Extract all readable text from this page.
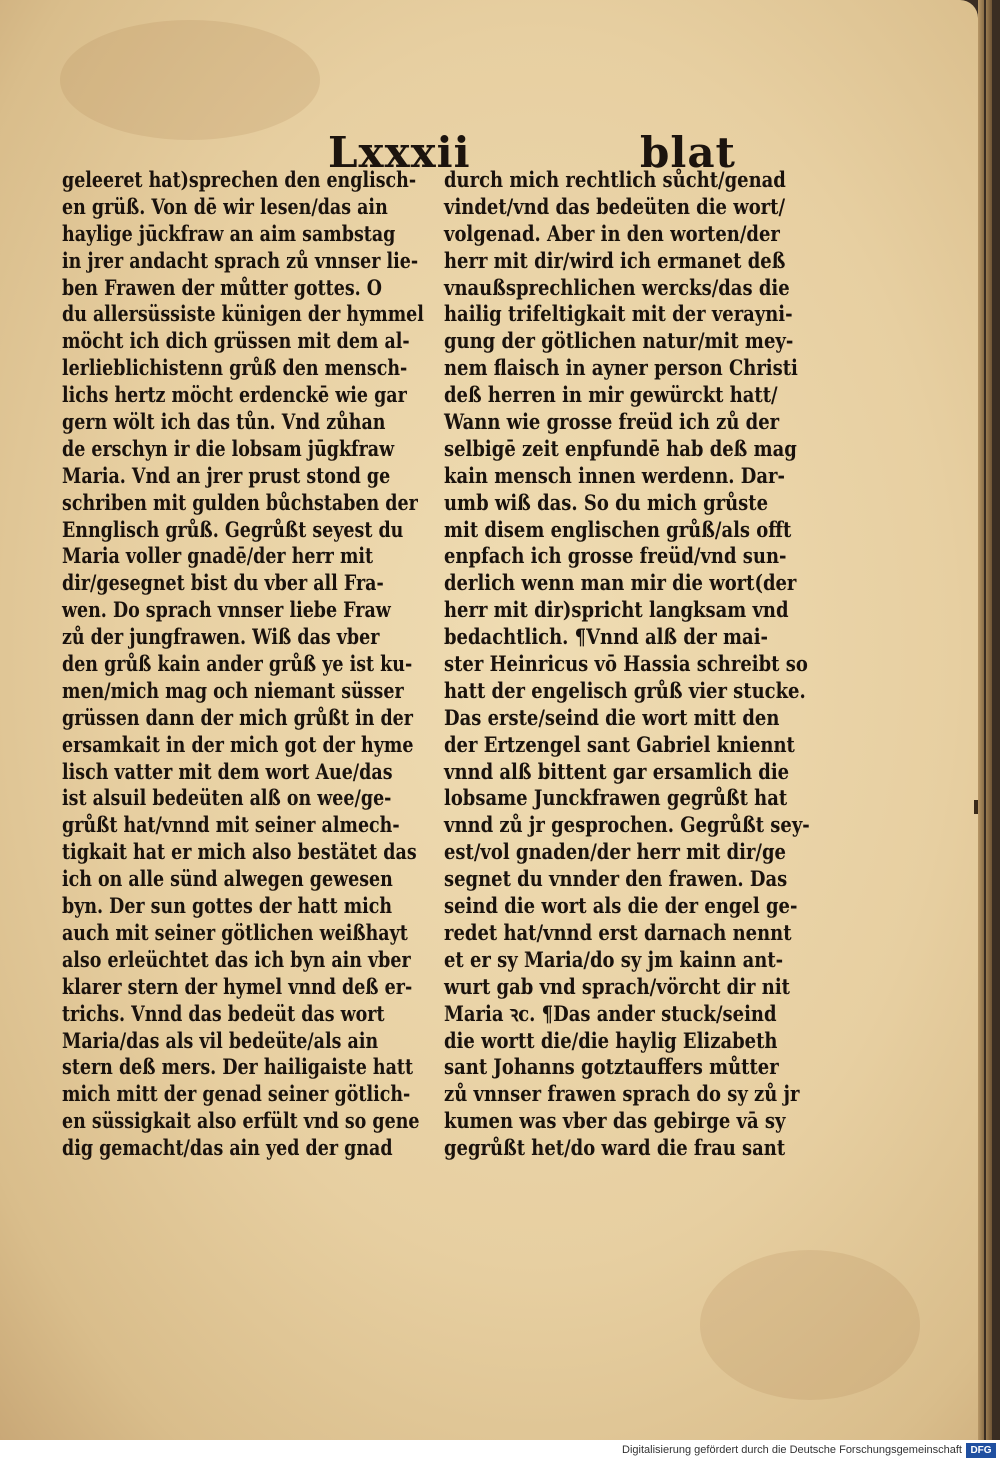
Lxxxii	blat
geleeret hat)sprechen den englisch-
en grüß. Von dē wir lesen/das ain
haylige jūckfraw an aim sambstag
in jrer andacht sprach zů vnnser lie-
ben Frawen der můtter gottes. O
du allersüssiste künigen der hymmel
möcht ich dich grüssen mit dem al-
lerlieblichistenn grůß den mensch-
lichs hertz möcht erdenckē wie gar
gern wölt ich das tůn. Vnd zůhan
de erschyn ir die lobsam jūgkfraw
Maria. Vnd an jrer prust stond ge
schriben mit gulden bůchstaben der
Ennglisch grůß. Gegrůßt seyest du
Maria voller gnadē/der herr mit
dir/gesegnet bist du vber all Fra-
wen. Do sprach vnnser liebe Fraw
zů der jungfrawen. Wiß das vber
den grůß kain ander grůß ye ist ku-
men/mich mag och niemant süsser
grüssen dann der mich grůßt in der
ersamkait in der mich got der hyme
lisch vatter mit dem wort Aue/das
ist alsuil bedeüten alß on wee/ge-
grůßt hat/vnnd mit seiner almech-
tigkait hat er mich also bestätet das
ich on alle sünd alwegen gewesen
byn. Der sun gottes der hatt mich
auch mit seiner götlichen weißhayt
also erleüchtet das ich byn ain vber
klarer stern der hymel vnnd deß er-
trichs. Vnnd das bedeüt das wort
Maria/das als vil bedeüte/als ain
stern deß mers. Der hailigaiste hatt
mich mitt der genad seiner götlich-
en süssigkait also erfült vnd so gene
dig gemacht/das ain yed der gnad
durch mich rechtlich sůcht/genad
vindet/vnd das bedeüten die wort/
volgenad. Aber in den worten/der
herr mit dir/wird ich ermanet deß
vnaußsprechlichen wercks/das die
hailig trifeltigkait mit der verayni-
gung der götlichen natur/mit mey-
nem flaisch in ayner person Christi
deß herren in mir gewürckt hatt/
Wann wie grosse freüd ich zů der
selbigē zeit enpfundē hab deß mag
kain mensch innen werdenn. Dar-
umb wiß das. So du mich grůste
mit disem englischen grůß/als offt
enpfach ich grosse freüd/vnd sun-
derlich wenn man mir die wort(der
herr mit dir)spricht langksam vnd
bedachtlich. ¶Vnnd alß der mai-
ster Heinricus vō Hassia schreibt so
hatt der engelisch grůß vier stucke.
Das erste/seind die wort mitt den
der Ertzengel sant Gabriel kniennt
vnnd alß bittent gar ersamlich die
lobsame Junckfrawen gegrůßt hat
vnnd zů jr gesprochen. Gegrůßt sey-
est/vol gnaden/der herr mit dir/ge
segnet du vnnder den frawen. Das
seind die wort als die der engel ge-
redet hat/vnnd erst darnach nennt
et er sy Maria/do sy jm kainn ant-
wurt gab vnd sprach/vörcht dir nit
Maria ꝛc. ¶Das ander stuck/seind
die wortt die/die haylig Elizabeth
sant Johanns gotztauffers můtter
zů vnnser frawen sprach do sy zů jr
kumen was vber das gebirge vā sy
gegrůßt het/do ward die frau sant
Digitalisierung gefördert durch die Deutsche Forschungsgemeinschaft DFG
